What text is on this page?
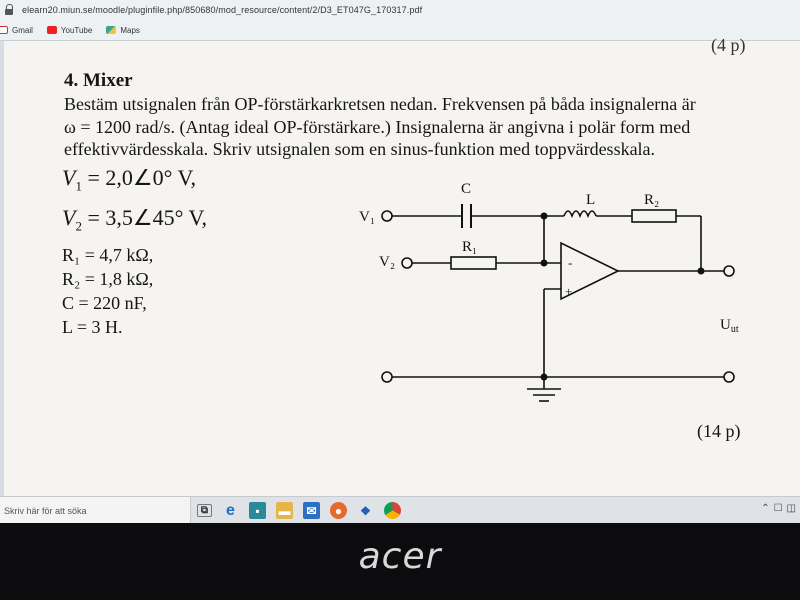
elearn20.miun.se/moodle/pluginfile.php/850680/mod_resource/content/2/D3_ET047G_170317.pdf
Gmail	YouTube	Maps
(4 p)
4. Mixer
Bestäm utsignalen från OP-förstärkarkretsen nedan. Frekvensen på båda insignalerna är
ω = 1200 rad/s. (Antag ideal OP-förstärkare.) Insignalerna är angivna i polär form med
effektivvärdesskala. Skriv utsignalen som en sinus-funktion med toppvärdesskala.
$V_1$ = 2,0∠0° V,
$V_2$ = 3,5∠45° V,
R₁ = 4,7 kΩ,
R₂ = 1,8 kΩ,
C = 220 nF,
L = 3 H.
C
L	R₂
R₁
V₁
V₂	-
+
$U_{ut}$
(14 p)
Skriv här för att söka	⧉ e	▪	▬ ✉	●	❖	⌃ ☐ ◫
acer
